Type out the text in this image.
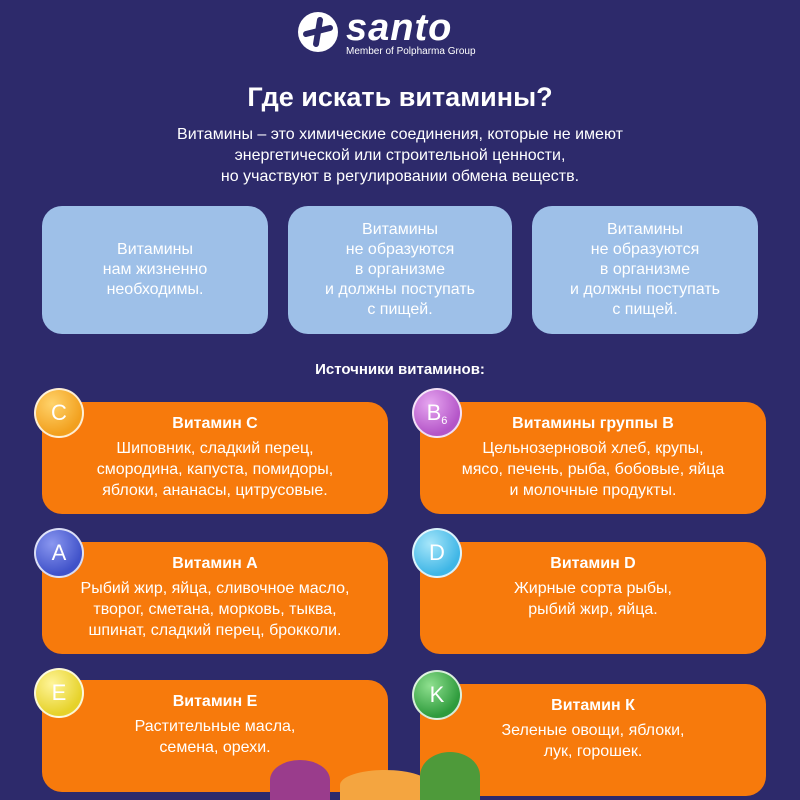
santo
Member of Polpharma Group
Где искать витамины?
Витамины – это химические соединения, которые не имеют
энергетической или строительной ценности,
но участвуют в регулировании обмена веществ.
Витамины
нам жизненно
необходимы.
Витамины
не образуются
в организме
и должны поступать
с пищей.
Витамины
не образуются
в организме
и должны поступать
с пищей.
Источники витаминов:
Витамин С
Шиповник, сладкий перец,
смородина, капуста, помидоры,
яблоки, ананасы, цитрусовые.
C	Витамины группы В
Цельнозерновой хлеб, крупы,
мясо, печень, рыба, бобовые, яйца
и молочные продукты.
$B_6$
Витамин А
Рыбий жир, яйца, сливочное масло,
творог, сметана, морковь, тыква,
шпинат, сладкий перец, брокколи.
A	Витамин D
Жирные сорта рыбы,
рыбий жир, яйца.
D
Витамин Е
Растительные масла,
семена, орехи.
E
Витамин К
Зеленые овощи, яблоки,
лук, горошек.
K
